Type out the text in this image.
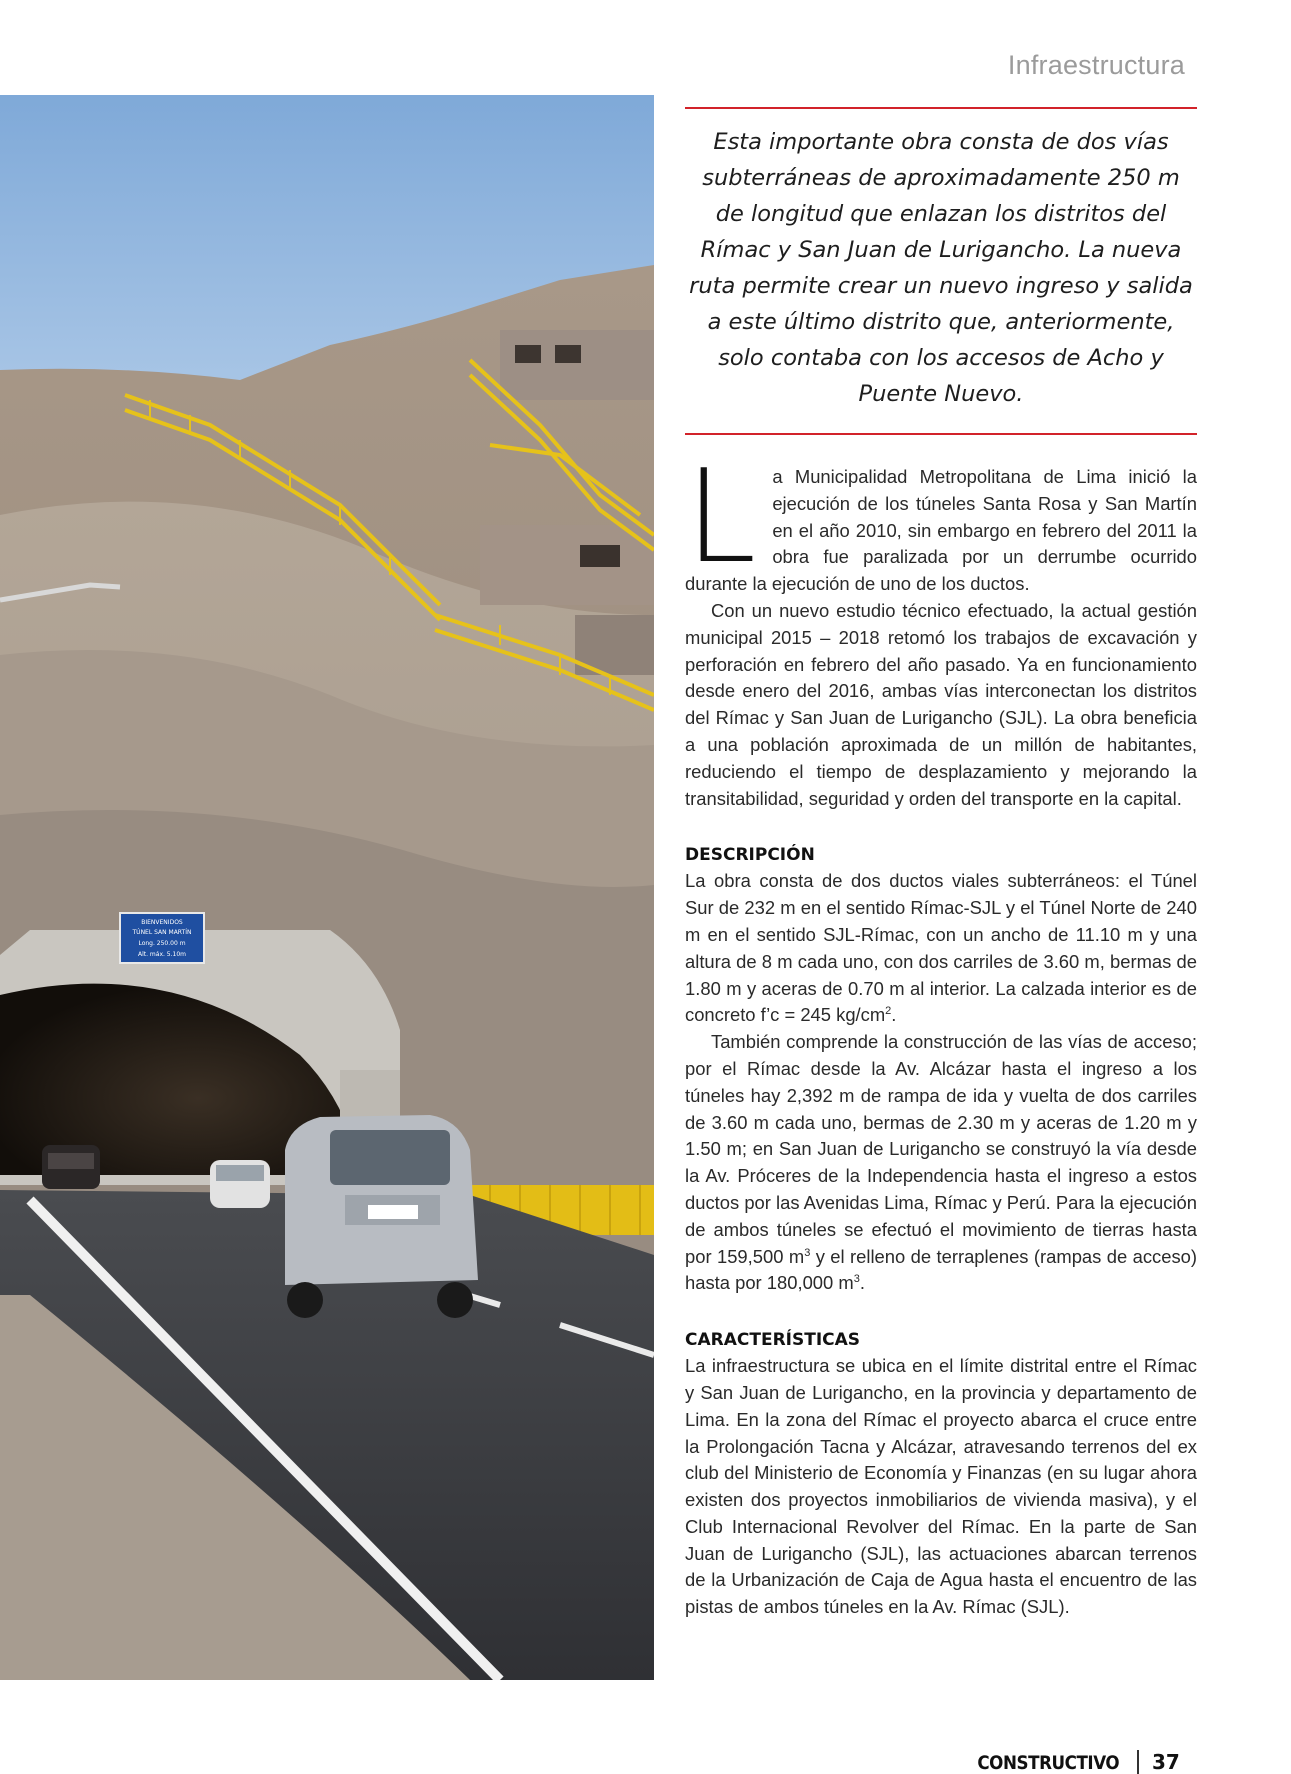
Infraestructura
BIENVENIDOS
TÚNEL SAN MARTÍN
Long. 250.00 m
Alt. máx. 5.10m

Esta importante obra consta de dos vías subterráneas de aproximadamente 250 m de longitud que enlazan los distritos del Rímac y San Juan de Lurigancho. La nueva ruta permite crear un nuevo ingreso y salida a este último distrito que, anteriormente, solo contaba con los accesos de Acho y Puente Nuevo.

La Municipalidad Metropolitana de Lima inició la ejecución de los túneles Santa Rosa y San Martín en el año 2010, sin embargo en febrero del 2011 la obra fue paralizada por un derrumbe ocurrido durante la ejecución de uno de los ductos.

Con un nuevo estudio técnico efectuado, la actual gestión municipal 2015 – 2018 retomó los trabajos de excavación y perforación en febrero del año pasado. Ya en funcionamiento desde enero del 2016, ambas vías interconectan los distritos del Rímac y San Juan de Lurigancho (SJL). La obra beneficia a una población aproximada de un millón de habitantes, reduciendo el tiempo de desplazamiento y mejorando la transitabilidad, seguridad y orden del transporte en la capital.

DESCRIPCIÓN

La obra consta de dos ductos viales subterráneos: el Túnel Sur de 232 m en el sentido Rímac-SJL y el Túnel Norte de 240 m en el sentido SJL-Rímac, con un ancho de 11.10 m y una altura de 8 m cada uno, con dos carriles de 3.60 m, bermas de 1.80 m y aceras de 0.70 m al interior. La calzada interior es de concreto f’c = 245 $kg/cm^2$.

También comprende la construcción de las vías de acceso; por el Rímac desde la Av. Alcázar hasta el ingreso a los túneles hay 2,392 m de rampa de ida y vuelta de dos carriles de 3.60 m cada uno, bermas de 2.30 m y aceras de 1.20 m y 1.50 m; en San Juan de Lurigancho se construyó la vía desde la Av. Próceres de la Independencia hasta el ingreso a estos ductos por las Avenidas Lima, Rímac y Perú. Para la ejecución de ambos túneles se efectuó el movimiento de tierras hasta por 159,500 $m^3$ y el relleno de terraplenes (rampas de acceso) hasta por 180,000 $m^3$.

CARACTERÍSTICAS

La infraestructura se ubica en el límite distrital entre el Rímac y San Juan de Lurigancho, en la provincia y departamento de Lima. En la zona del Rímac el proyecto abarca el cruce entre la Prolongación Tacna y Alcázar, atravesando terrenos del ex club del Ministerio de Economía y Finanzas (en su lugar ahora existen dos proyectos inmobiliarios de vivienda masiva), y el Club Internacional Revolver del Rímac. En la parte de San Juan de Lurigancho (SJL), las actuaciones abarcan terrenos de la Urbanización de Caja de Agua hasta el encuentro de las pistas de ambos túneles en la Av. Rímac (SJL).

CONSTRUCTIVO 37
